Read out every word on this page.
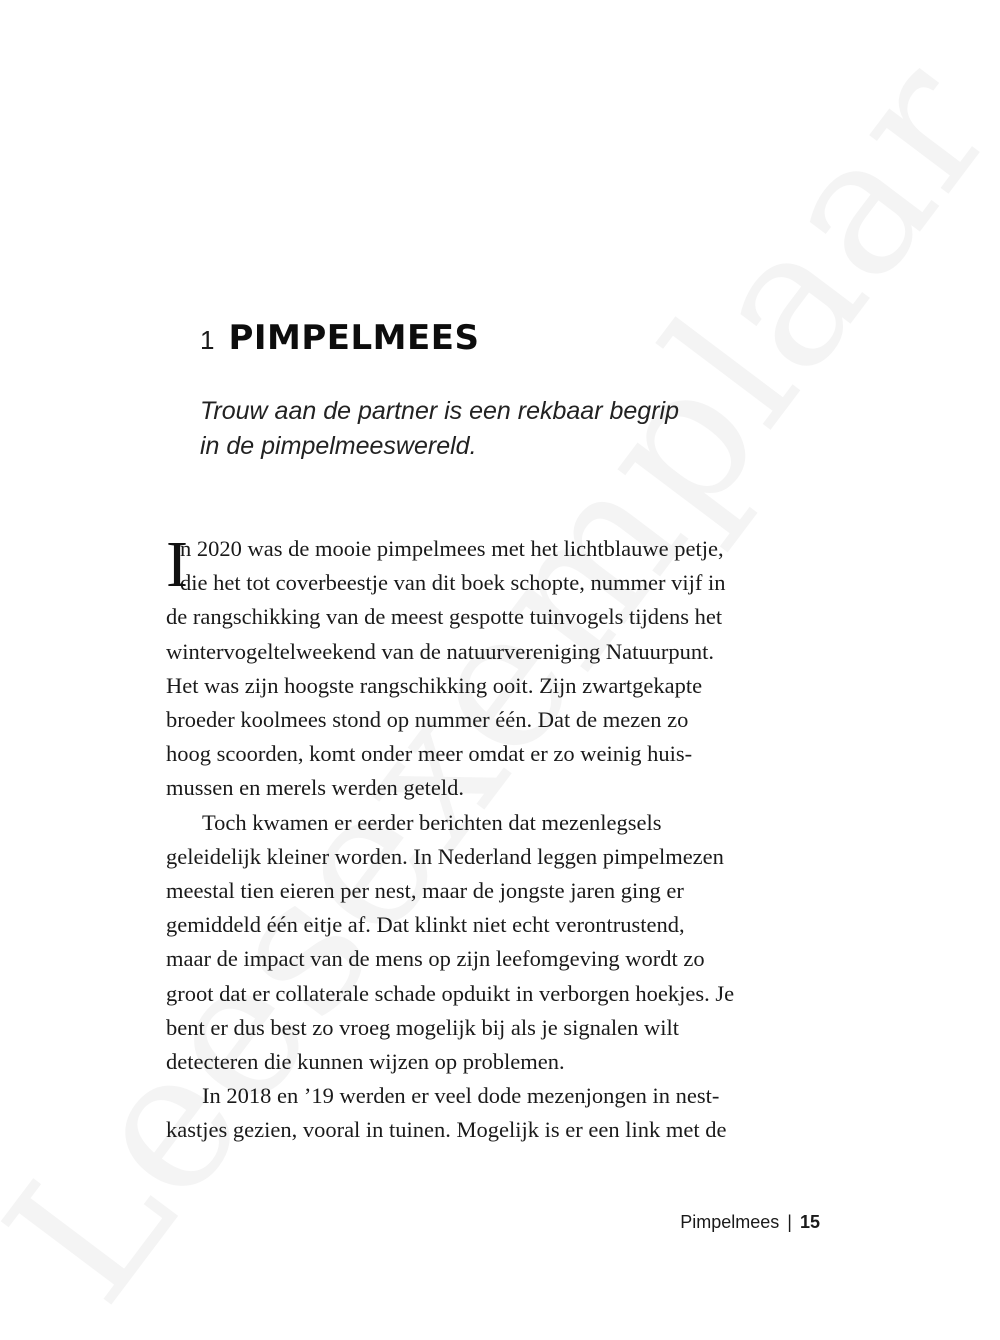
1 PIMPELMEES
Trouw aan de partner is een rekbaar begrip
in de pimpelmeeswereld.
I
n 2020 was de mooie pimpelmees met het lichtblauwe petje,
die het tot coverbeestje van dit boek schopte, nummer vijf in
de rangschikking van de meest gespotte tuinvogels tijdens het
wintervogeltelweekend van de natuurvereniging Natuurpunt.
Het was zijn hoogste rangschikking ooit. Zijn zwartgekapte
broeder koolmees stond op nummer één. Dat de mezen zo
hoog scoorden, komt onder meer omdat er zo weinig huis-
mussen en merels werden geteld.
Toch kwamen er eerder berichten dat mezenlegsels
geleidelijk kleiner worden. In Nederland leggen pimpelmezen
meestal tien eieren per nest, maar de jongste jaren ging er
gemiddeld één eitje af. Dat klinkt niet echt verontrustend,
maar de impact van de mens op zijn leefomgeving wordt zo
groot dat er collaterale schade opduikt in verborgen hoekjes. Je
bent er dus best zo vroeg mogelijk bij als je signalen wilt
detecteren die kunnen wijzen op problemen.
In 2018 en ’19 werden er veel dode mezenjongen in nest-
kastjes gezien, vooral in tuinen. Mogelijk is er een link met de
Pimpelmees | 15
